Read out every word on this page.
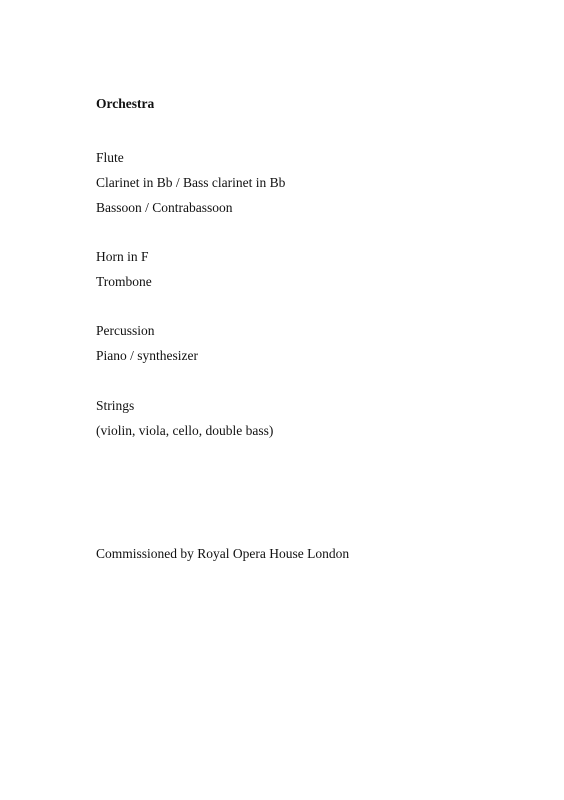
Orchestra
Flute
Clarinet in Bb / Bass clarinet in Bb
Bassoon / Contrabassoon
Horn in F
Trombone
Percussion
Piano / synthesizer
Strings
(violin, viola, cello, double bass)
Commissioned by Royal Opera House London
